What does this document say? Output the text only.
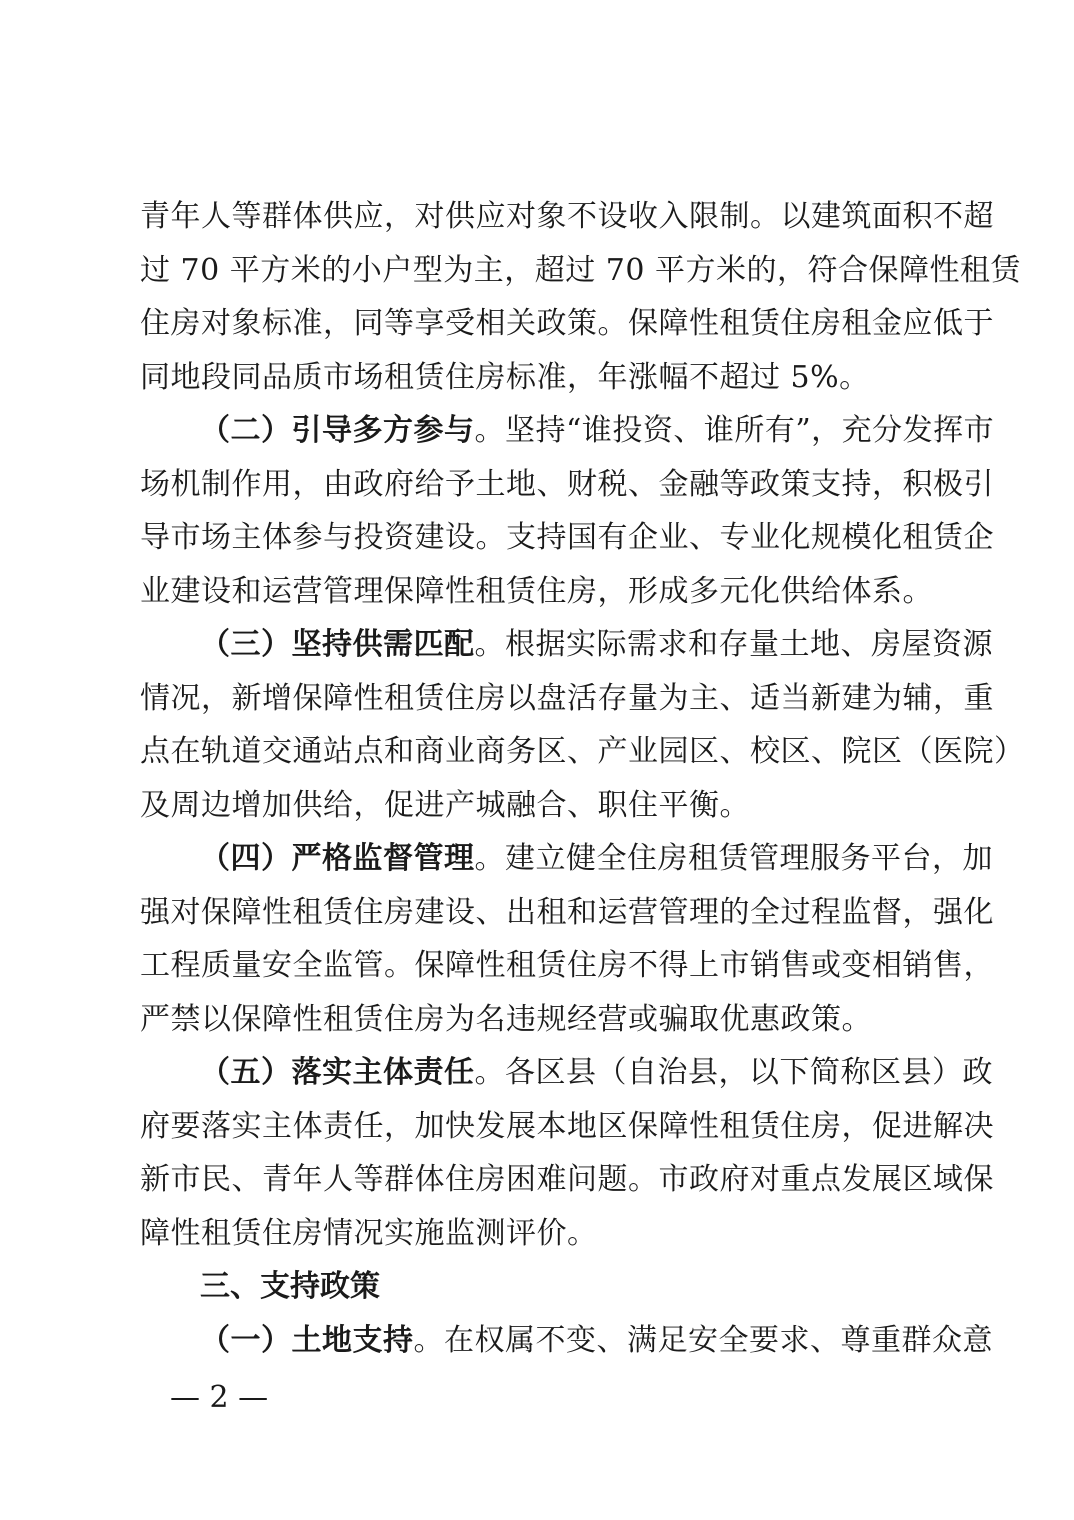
青年人等群体供应，对供应对象不设收入限制。以建筑面积不超
过 70 平方米的小户型为主，超过 70 平方米的，符合保障性租赁
住房对象标准，同等享受相关政策。保障性租赁住房租金应低于
同地段同品质市场租赁住房标准，年涨幅不超过 5%。
（二）引导多方参与。坚持“谁投资、谁所有”，充分发挥市
场机制作用，由政府给予土地、财税、金融等政策支持，积极引
导市场主体参与投资建设。支持国有企业、专业化规模化租赁企
业建设和运营管理保障性租赁住房，形成多元化供给体系。
（三）坚持供需匹配。根据实际需求和存量土地、房屋资源
情况，新增保障性租赁住房以盘活存量为主、适当新建为辅，重
点在轨道交通站点和商业商务区、产业园区、校区、院区（医院）
及周边增加供给，促进产城融合、职住平衡。
（四）严格监督管理。建立健全住房租赁管理服务平台，加
强对保障性租赁住房建设、出租和运营管理的全过程监督，强化
工程质量安全监管。保障性租赁住房不得上市销售或变相销售，
严禁以保障性租赁住房为名违规经营或骗取优惠政策。
（五）落实主体责任。各区县（自治县，以下简称区县）政
府要落实主体责任，加快发展本地区保障性租赁住房，促进解决
新市民、青年人等群体住房困难问题。市政府对重点发展区域保
障性租赁住房情况实施监测评价。
三、支持政策
（一）土地支持。在权属不变、满足安全要求、尊重群众意
— 2 —
